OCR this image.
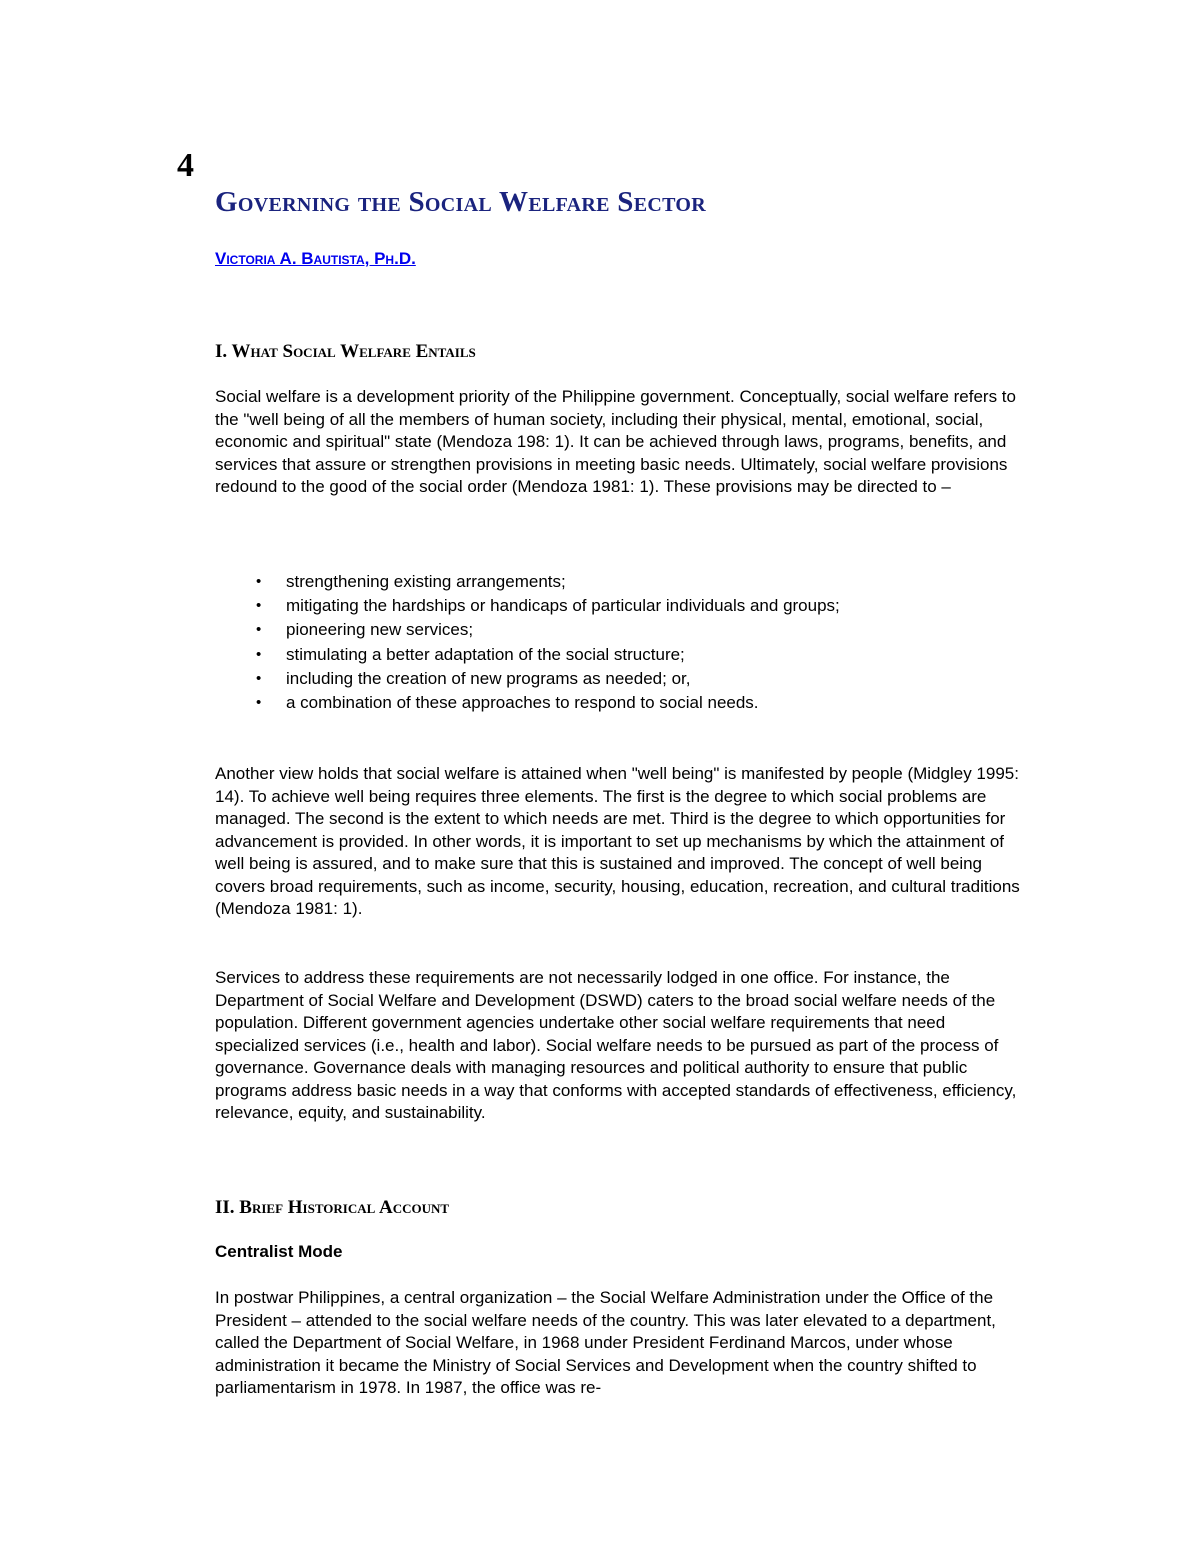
4
Governing the Social Welfare Sector
Victoria A. Bautista, Ph.D.
I. What Social Welfare Entails

Social welfare is a development priority of the Philippine government. Conceptually, social welfare refers to the "well being of all the members of human society, including their physical, mental, emotional, social, economic and spiritual" state (Mendoza 198: 1). It can be achieved through laws, programs, benefits, and services that assure or strengthen provisions in meeting basic needs. Ultimately, social welfare provisions redound to the good of the social order (Mendoza 1981: 1). These provisions may be directed to –

• strengthening existing arrangements;
• mitigating the hardships or handicaps of particular individuals and groups;
• pioneering new services;
• stimulating a better adaptation of the social structure;
• including the creation of new programs as needed; or,
• a combination of these approaches to respond to social needs.

Another view holds that social welfare is attained when "well being" is manifested by people (Midgley 1995: 14). To achieve well being requires three elements. The first is the degree to which social problems are managed. The second is the extent to which needs are met. Third is the degree to which opportunities for advancement is provided. In other words, it is important to set up mechanisms by which the attainment of well being is assured, and to make sure that this is sustained and improved. The concept of well being covers broad requirements, such as income, security, housing, education, recreation, and cultural traditions (Mendoza 1981: 1).

Services to address these requirements are not necessarily lodged in one office. For instance, the Department of Social Welfare and Development (DSWD) caters to the broad social welfare needs of the population. Different government agencies undertake other social welfare requirements that need specialized services (i.e., health and labor). Social welfare needs to be pursued as part of the process of governance. Governance deals with managing resources and political authority to ensure that public programs address basic needs in a way that conforms with accepted standards of effectiveness, efficiency, relevance, equity, and sustainability.

II. Brief Historical Account
Centralist Mode

In postwar Philippines, a central organization – the Social Welfare Administration under the Office of the President – attended to the social welfare needs of the country. This was later elevated to a department, called the Department of Social Welfare, in 1968 under President Ferdinand Marcos, under whose administration it became the Ministry of Social Services and Development when the country shifted to parliamentarism in 1978. In 1987, the office was re-
